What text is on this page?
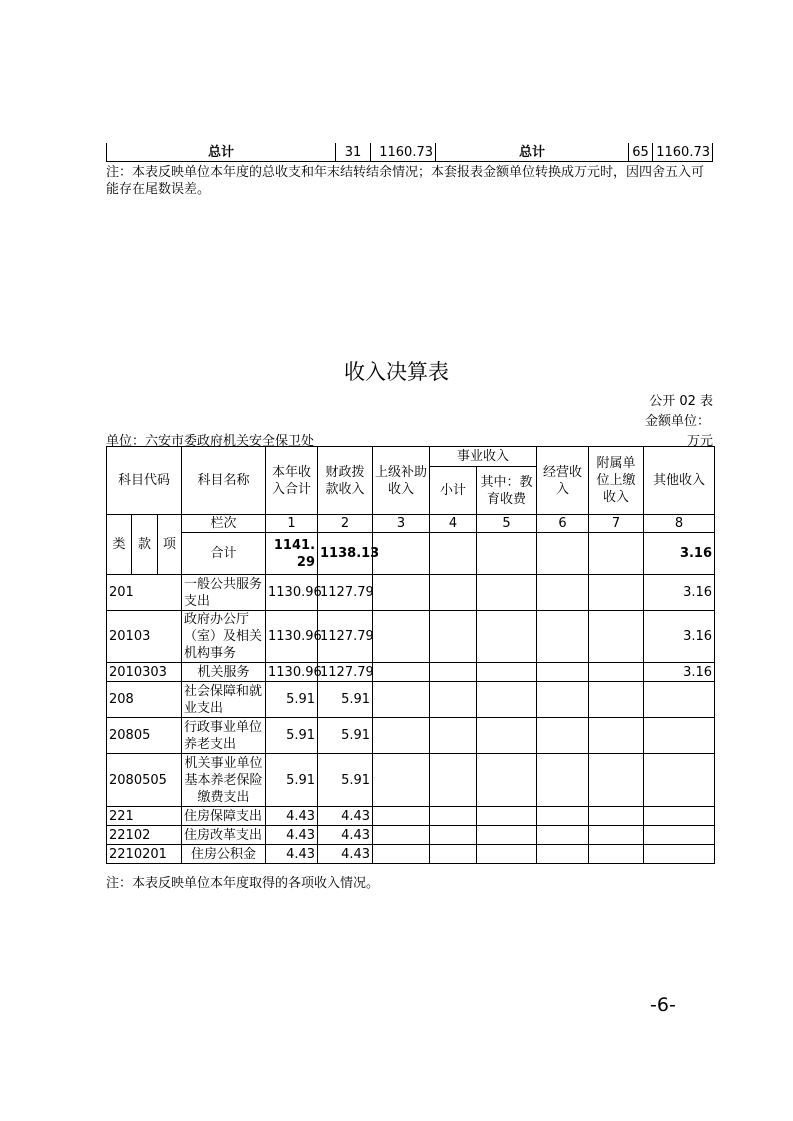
总计	31	1160.73	总计	65	1160.73
注：本表反映单位本年度的总收支和年末结转结余情况；本套报表金额单位转换成万元时，因四舍五入可能存在尾数误差。
收入决算表
公开 02 表
金额单位：
万元
单位：六安市委政府机关安全保卫处
科目代码			科目名称	本年收入合计	财政拨款收入	上级补助收入	事业收入		经营收入	附属单位上缴收入	其他收入
							小计	其中：教育收费			
类	款	项	栏次	1	2	3	4	5	6	7	8
			合计	1141.29	1138.13						3.16
201			一般公共服务支出	1130.96	1127.79						3.16
20103			政府办公厅（室）及相关机构事务	1130.96	1127.79						3.16
2010303			机关服务	1130.96	1127.79						3.16
208			社会保障和就业支出	5.91	5.91						
20805			行政事业单位养老支出	5.91	5.91						
2080505			机关事业单位基本养老保险缴费支出	5.91	5.91						
221			住房保障支出	4.43	4.43						
22102			住房改革支出	4.43	4.43						
2210201			住房公积金	4.43	4.43						
注：本表反映单位本年度取得的各项收入情况。
-6-
